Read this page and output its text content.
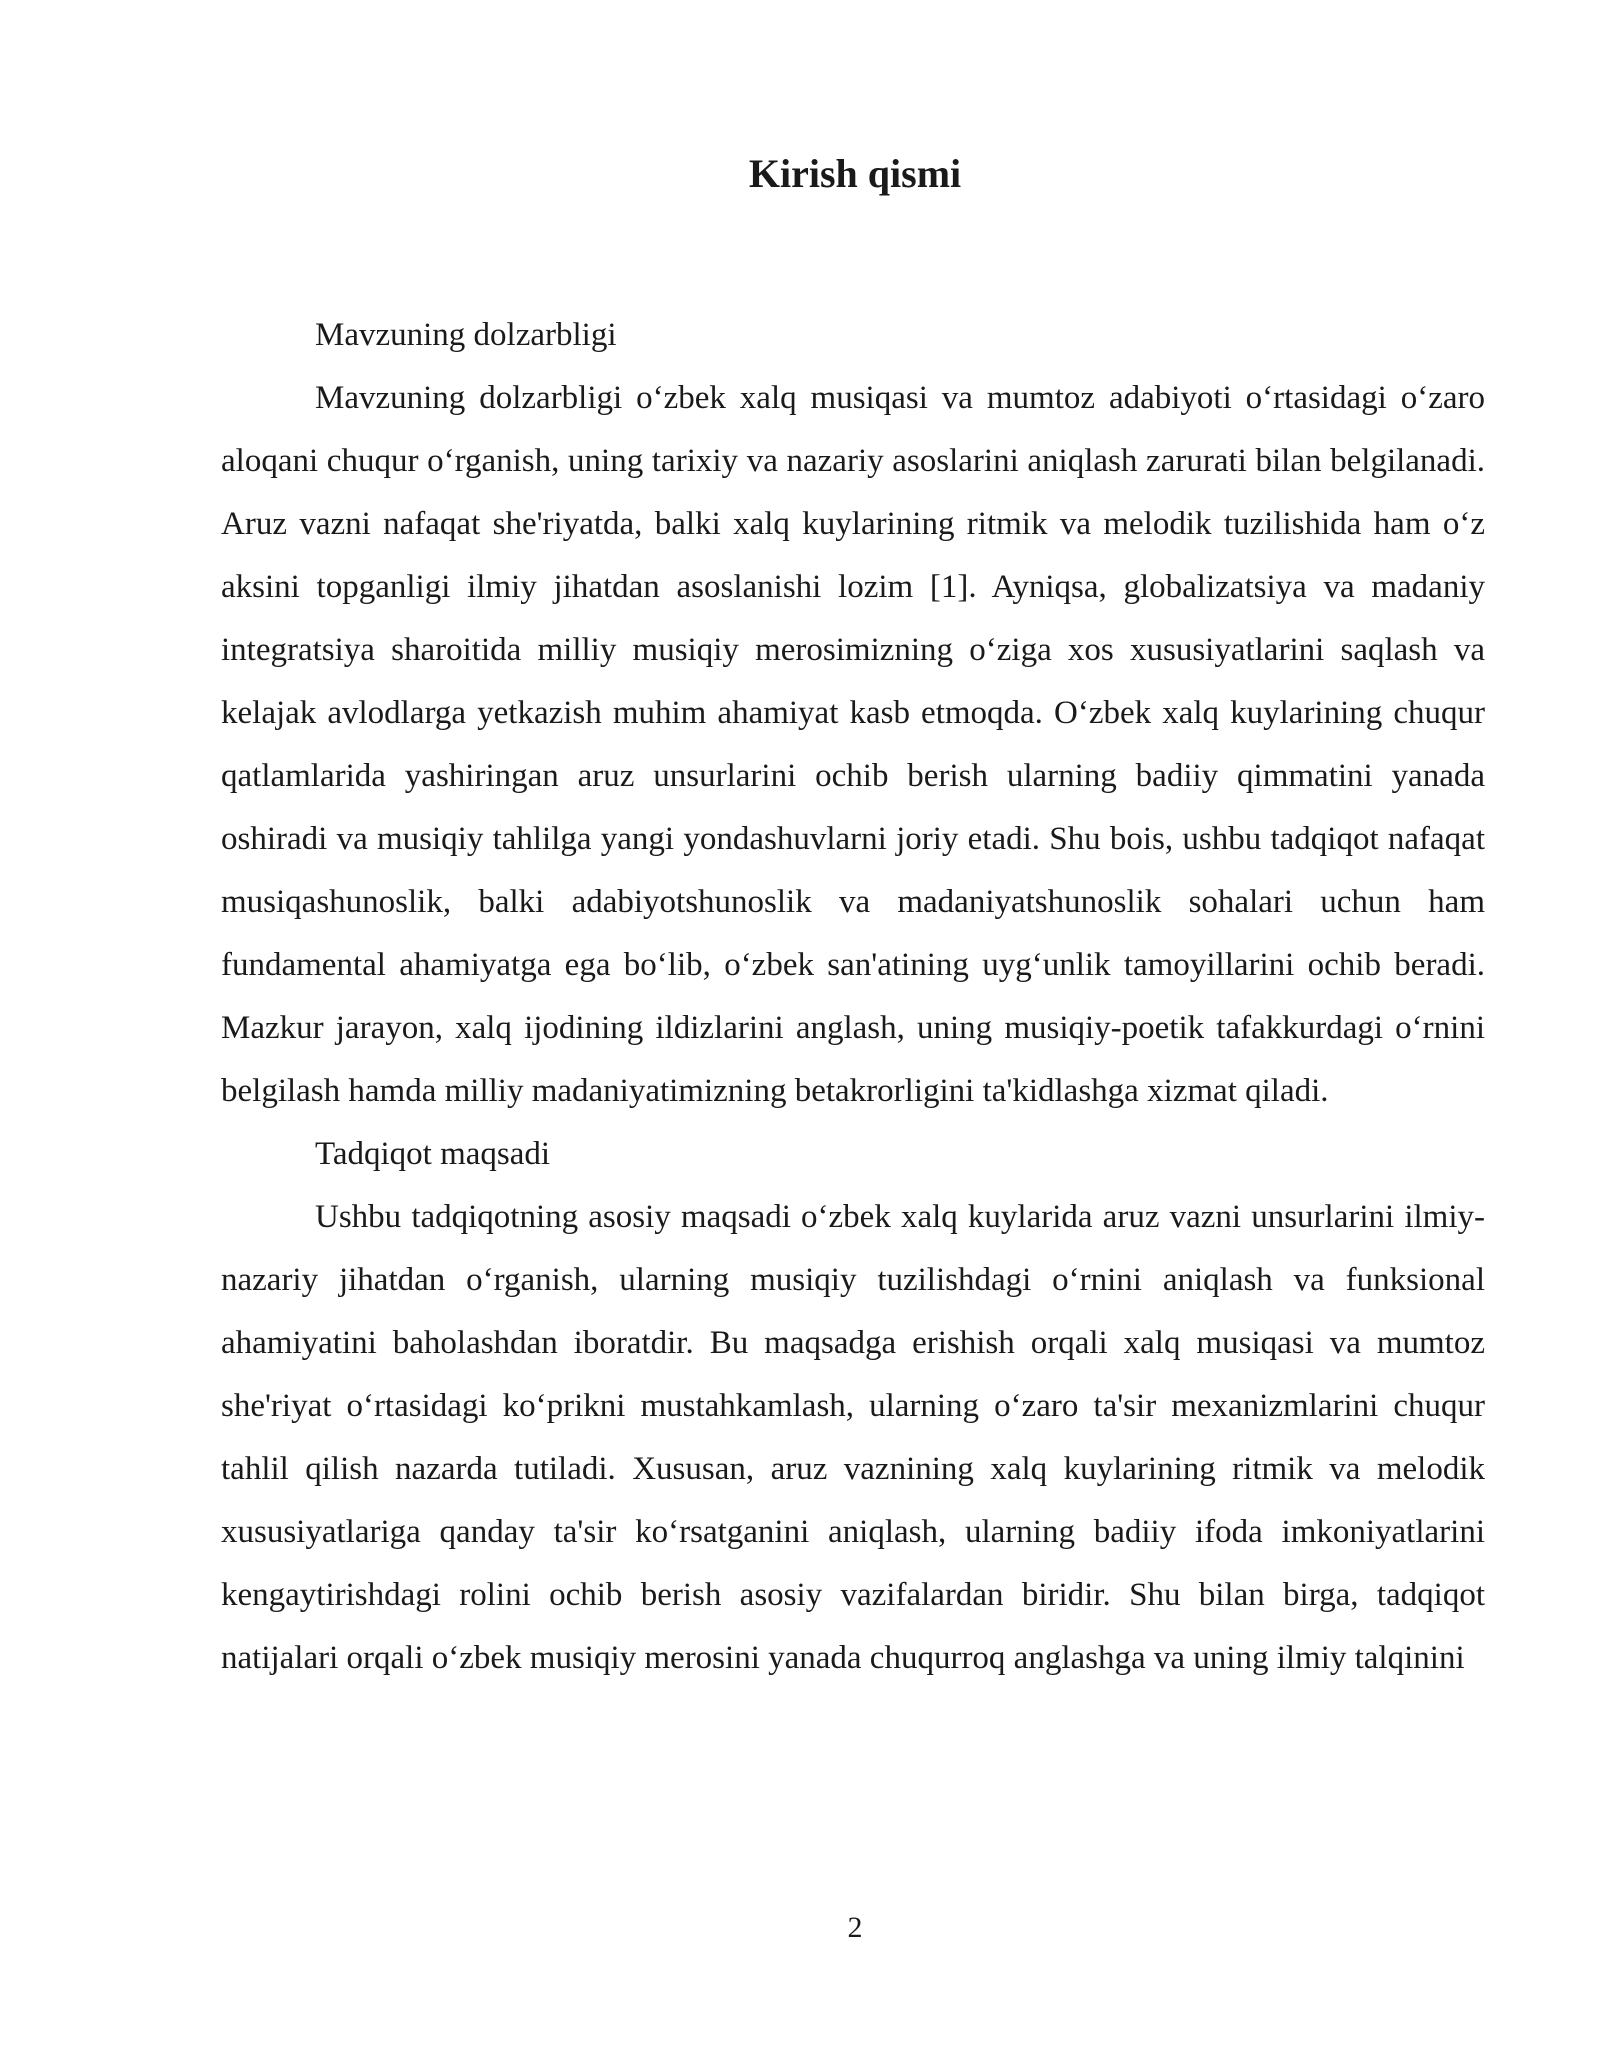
Kirish qismi
Mavzuning dolzarbligi

Mavzuning dolzarbligi o‘zbek xalq musiqasi va mumtoz adabiyoti o‘rtasidagi o‘zaro aloqani chuqur o‘rganish, uning tarixiy va nazariy asoslarini aniqlash zarurati bilan belgilanadi. Aruz vazni nafaqat she'riyatda, balki xalq kuylarining ritmik va melodik tuzilishida ham o‘z aksini topganligi ilmiy jihatdan asoslanishi lozim [1]. Ayniqsa, globalizatsiya va madaniy integratsiya sharoitida milliy musiqiy merosimizning o‘ziga xos xususiyatlarini saqlash va kelajak avlodlarga yetkazish muhim ahamiyat kasb etmoqda. O‘zbek xalq kuylarining chuqur qatlamlarida yashiringan aruz unsurlarini ochib berish ularning badiiy qimmatini yanada oshiradi va musiqiy tahlilga yangi yondashuvlarni joriy etadi. Shu bois, ushbu tadqiqot nafaqat musiqashunoslik, balki adabiyotshunoslik va madaniyatshunoslik sohalari uchun ham fundamental ahamiyatga ega bo‘lib, o‘zbek san'atining uyg‘unlik tamoyillarini ochib beradi. Mazkur jarayon, xalq ijodining ildizlarini anglash, uning musiqiy-poetik tafakkurdagi o‘rnini belgilash hamda milliy madaniyatimizning betakrorligini ta'kidlashga xizmat qiladi.

Tadqiqot maqsadi

Ushbu tadqiqotning asosiy maqsadi o‘zbek xalq kuylarida aruz vazni unsurlarini ilmiy-nazariy jihatdan o‘rganish, ularning musiqiy tuzilishdagi o‘rnini aniqlash va funksional ahamiyatini baholashdan iboratdir. Bu maqsadga erishish orqali xalq musiqasi va mumtoz she'riyat o‘rtasidagi ko‘prikni mustahkamlash, ularning o‘zaro ta'sir mexanizmlarini chuqur tahlil qilish nazarda tutiladi. Xususan, aruz vaznining xalq kuylarining ritmik va melodik xususiyatlariga qanday ta'sir ko‘rsatganini aniqlash, ularning badiiy ifoda imkoniyatlarini kengaytirishdagi rolini ochib berish asosiy vazifalardan biridir. Shu bilan birga, tadqiqot natijalari orqali o‘zbek musiqiy merosini yanada chuqurroq anglashga va uning ilmiy talqinini

2
